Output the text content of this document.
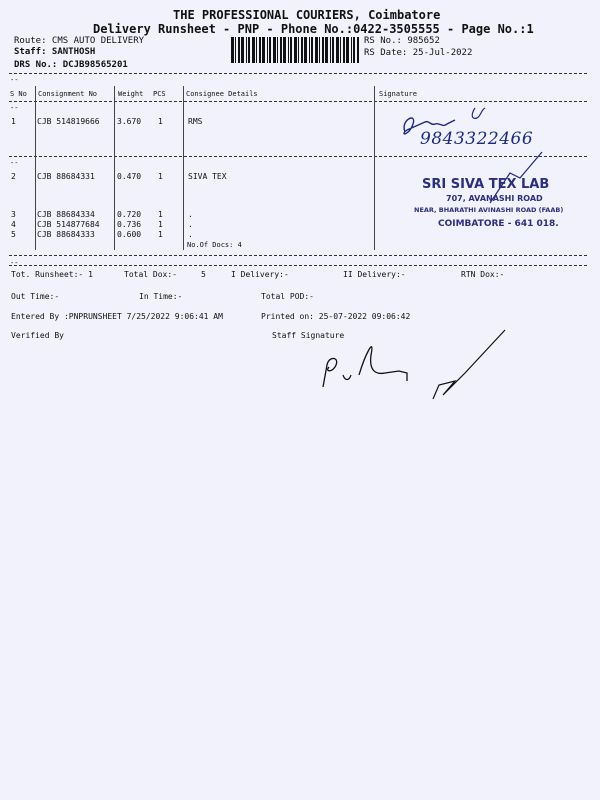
THE PROFESSIONAL COURIERS, Coimbatore
Delivery Runsheet - PNP - Phone No.:0422-3505555 - Page No.:1
Route: CMS AUTO DELIVERY
Staff: SANTHOSH
DRS No.: DCJB98565201
RS No.: 985652
RS Date: 25-Jul-2022
--
--
S No Consignment No	Weight PCS	Consignee Details	Signature
--
--
1	CJB 514819666 3.670 1	RMS
2	CJB 88684331	0.470 1	SIVA TEX
3	CJB 88684334	0.720 1	.
4	CJB 514877684 0.736 1	.
5	CJB 88684333	0.600 1	.
No.Of Docs: 4
9843322466
SRI SIVA TEX LAB
707, AVANASHI ROAD
NEAR, BHARATHI AVINASHI ROAD (FAAB)
COIMBATORE - 641 018.
Tot. Runsheet:- 1	Total Dox:-	5	I Delivery:-	II Delivery:-	RTN Dox:-
Out Time:-	In Time:-	Total POD:-
Entered By :PNPRUNSHEET 7/25/2022 9:06:41 AM	Printed on: 25-07-2022 09:06:42
Verified By	Staff Signature
